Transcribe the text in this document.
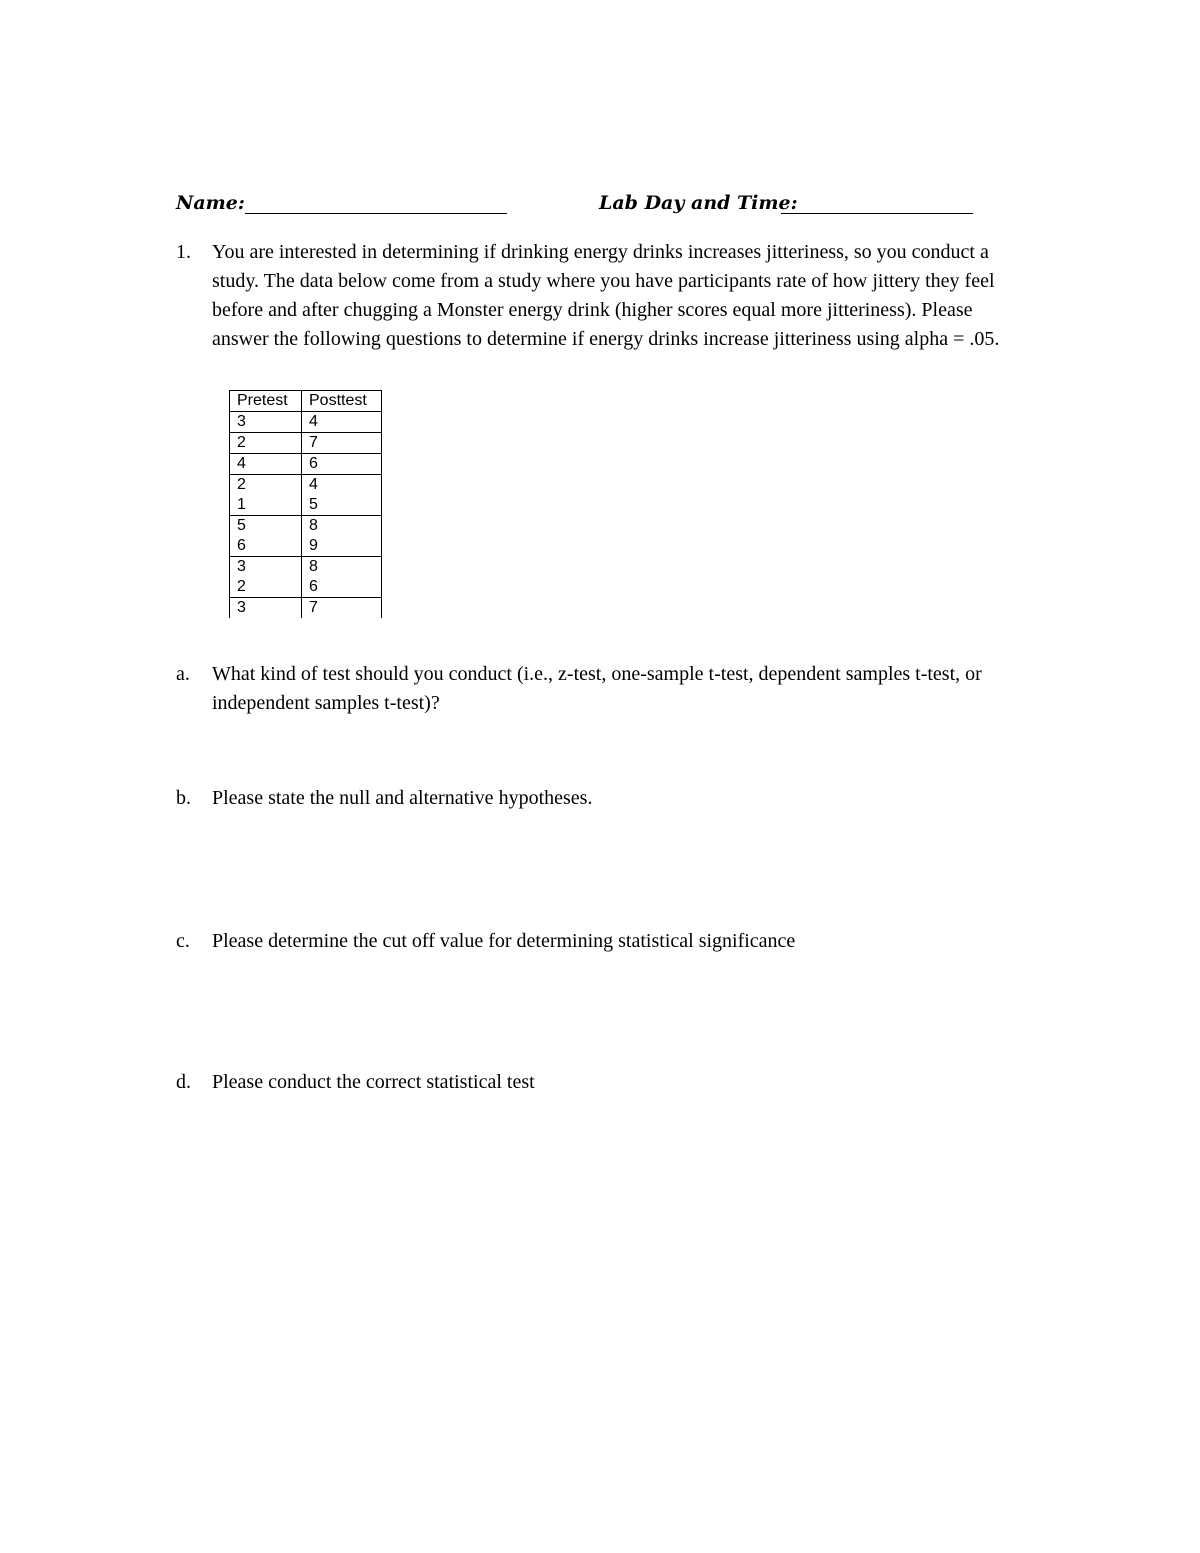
Name:	Lab Day and Time:
1. You are interested in determining if drinking energy drinks increases jitteriness, so you conduct a study. The data below come from a study where you have participants rate of how jittery they feel before and after chugging a Monster energy drink (higher scores equal more jitteriness). Please answer the following questions to determine if energy drinks increase jitteriness using alpha = .05.
Pretest	Posttest
3	4
2	7
4	6
2	4
1	5
5	8
6	9
3	8
2	6
3	7
a. What kind of test should you conduct (i.e., z-test, one-sample t-test, dependent samples t-test, or independent samples t-test)?
b. Please state the null and alternative hypotheses.
c. Please determine the cut off value for determining statistical significance
d. Please conduct the correct statistical test
